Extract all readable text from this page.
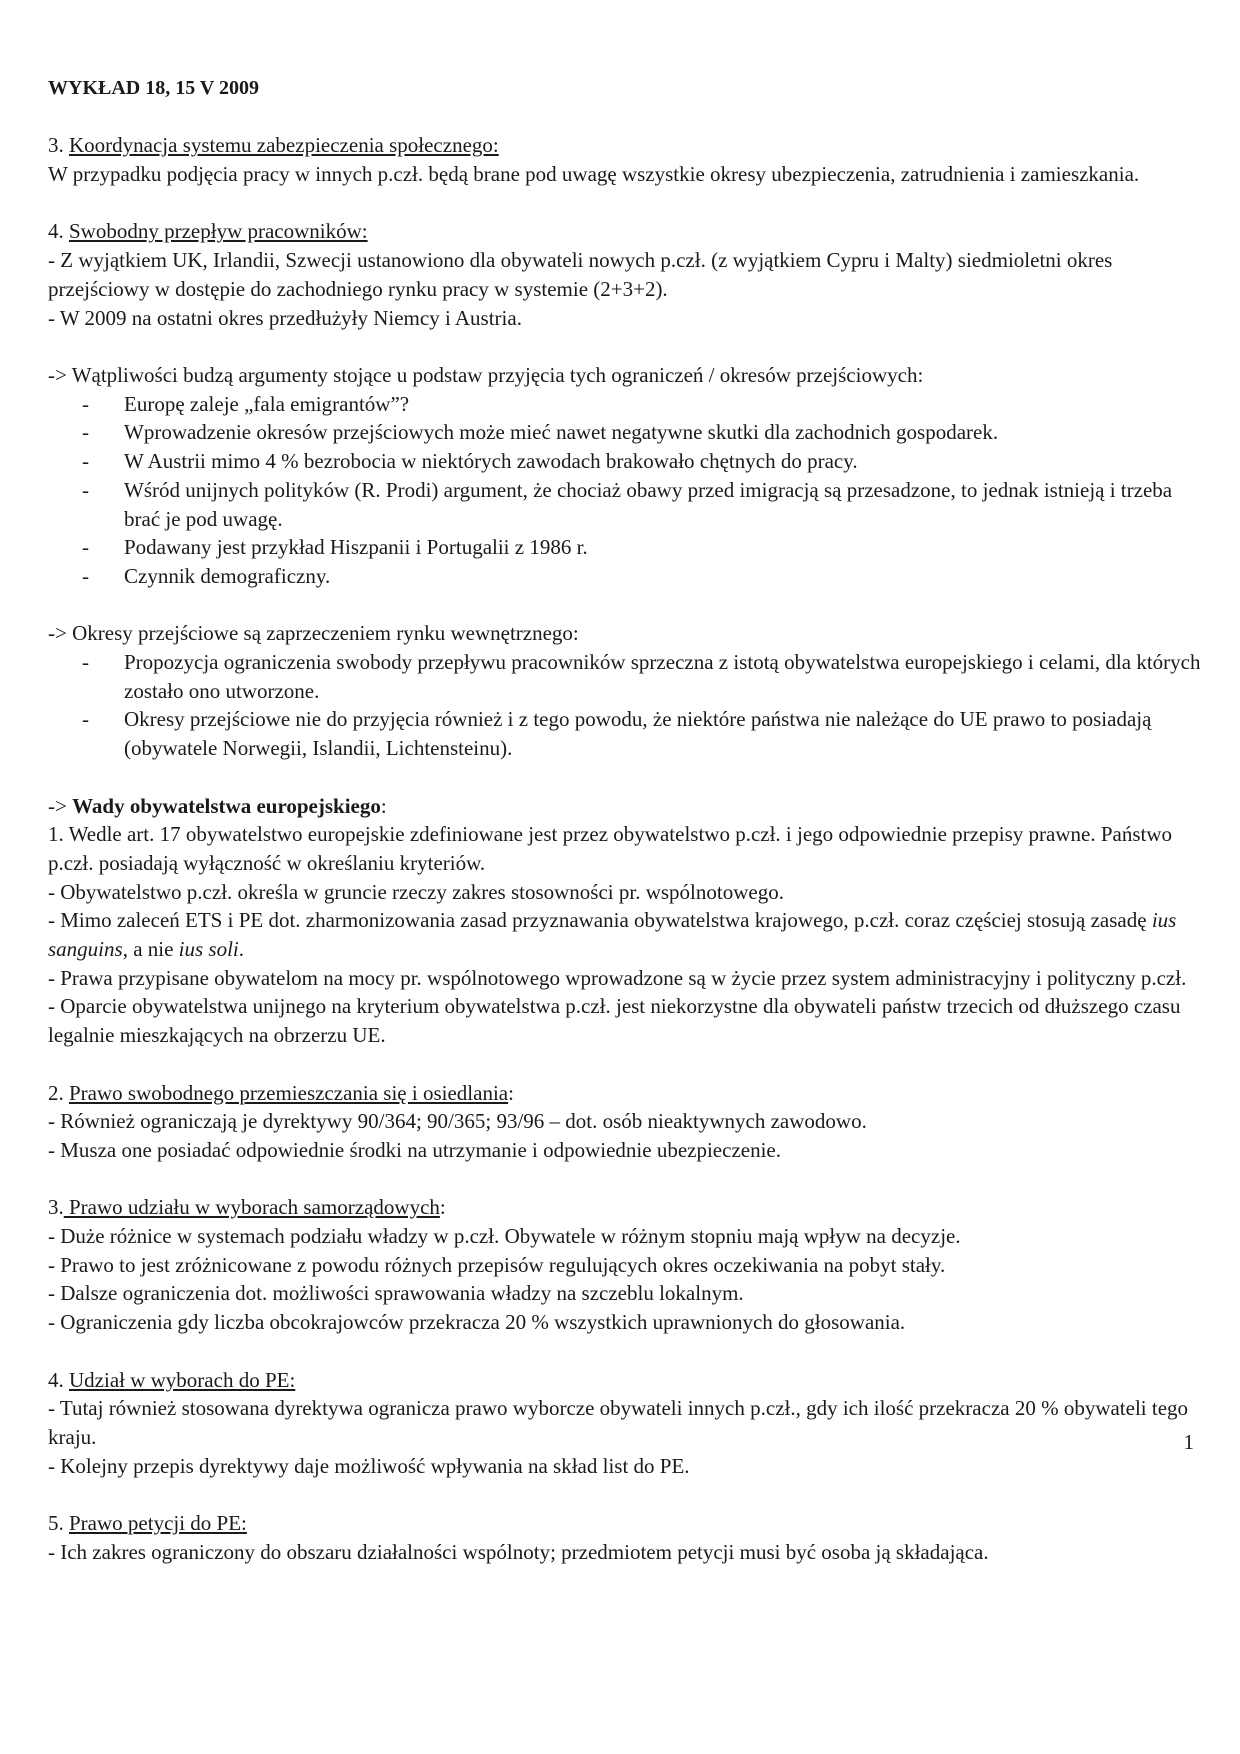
WYKŁAD 18, 15 V 2009

3. Koordynacja systemu zabezpieczenia społecznego:

W przypadku podjęcia pracy w innych p.czł. będą brane pod uwagę wszystkie okresy ubezpieczenia, zatrudnienia i zamieszkania.

4. Swobodny przepływ pracowników:

- Z wyjątkiem UK, Irlandii, Szwecji ustanowiono dla obywateli nowych p.czł. (z wyjątkiem Cypru i Malty) siedmioletni okres przejściowy w dostępie do zachodniego rynku pracy w systemie (2+3+2).

- W 2009 na ostatni okres przedłużyły Niemcy i Austria.

-> Wątpliwości budzą argumenty stojące u podstaw przyjęcia tych ograniczeń / okresów przejściowych:

- Europę zaleje „fala emigrantów”?
- Wprowadzenie okresów przejściowych może mieć nawet negatywne skutki dla zachodnich gospodarek.
- W Austrii mimo 4 % bezrobocia w niektórych zawodach brakowało chętnych do pracy.
- Wśród unijnych polityków (R. Prodi) argument, że chociaż obawy przed imigracją są przesadzone, to jednak istnieją i trzeba brać je pod uwagę.
- Podawany jest przykład Hiszpanii i Portugalii z 1986 r.
- Czynnik demograficzny.

-> Okresy przejściowe są zaprzeczeniem rynku wewnętrznego:

- Propozycja ograniczenia swobody przepływu pracowników sprzeczna z istotą obywatelstwa europejskiego i celami, dla których zostało ono utworzone.
- Okresy przejściowe nie do przyjęcia również i z tego powodu, że niektóre państwa nie należące do UE prawo to posiadają (obywatele Norwegii, Islandii, Lichtensteinu).

-> Wady obywatelstwa europejskiego:

1. Wedle art. 17 obywatelstwo europejskie zdefiniowane jest przez obywatelstwo p.czł. i jego odpowiednie przepisy prawne. Państwo p.czł. posiadają wyłączność w określaniu kryteriów.

- Obywatelstwo p.czł. określa w gruncie rzeczy zakres stosowności pr. wspólnotowego.

- Mimo zaleceń ETS i PE dot. zharmonizowania zasad przyznawania obywatelstwa krajowego, p.czł. coraz częściej stosują zasadę ius sanguins, a nie ius soli.

- Prawa przypisane obywatelom na mocy pr. wspólnotowego wprowadzone są w życie przez system administracyjny i polityczny p.czł.

- Oparcie obywatelstwa unijnego na kryterium obywatelstwa p.czł. jest niekorzystne dla obywateli państw trzecich od dłuższego czasu legalnie mieszkających na obrzerzu UE.

2. Prawo swobodnego przemieszczania się i osiedlania:

- Również ograniczają je dyrektywy 90/364; 90/365; 93/96 – dot. osób nieaktywnych zawodowo.

- Musza one posiadać odpowiednie środki na utrzymanie i odpowiednie ubezpieczenie.

3. Prawo udziału w wyborach samorządowych:

- Duże różnice w systemach podziału władzy w p.czł. Obywatele w różnym stopniu mają wpływ na decyzje.

- Prawo to jest zróżnicowane z powodu różnych przepisów regulujących okres oczekiwania na pobyt stały.

- Dalsze ograniczenia dot. możliwości sprawowania władzy na szczeblu lokalnym.

- Ograniczenia gdy liczba obcokrajowców przekracza 20 % wszystkich uprawnionych do głosowania.

4. Udział w wyborach do PE:

- Tutaj również stosowana dyrektywa ogranicza prawo wyborcze obywateli innych p.czł., gdy ich ilość przekracza 20 % obywateli tego kraju.

- Kolejny przepis dyrektywy daje możliwość wpływania na skład list do PE.

5. Prawo petycji do PE:

- Ich zakres ograniczony do obszaru działalności wspólnoty; przedmiotem petycji musi być osoba ją składająca.

1
